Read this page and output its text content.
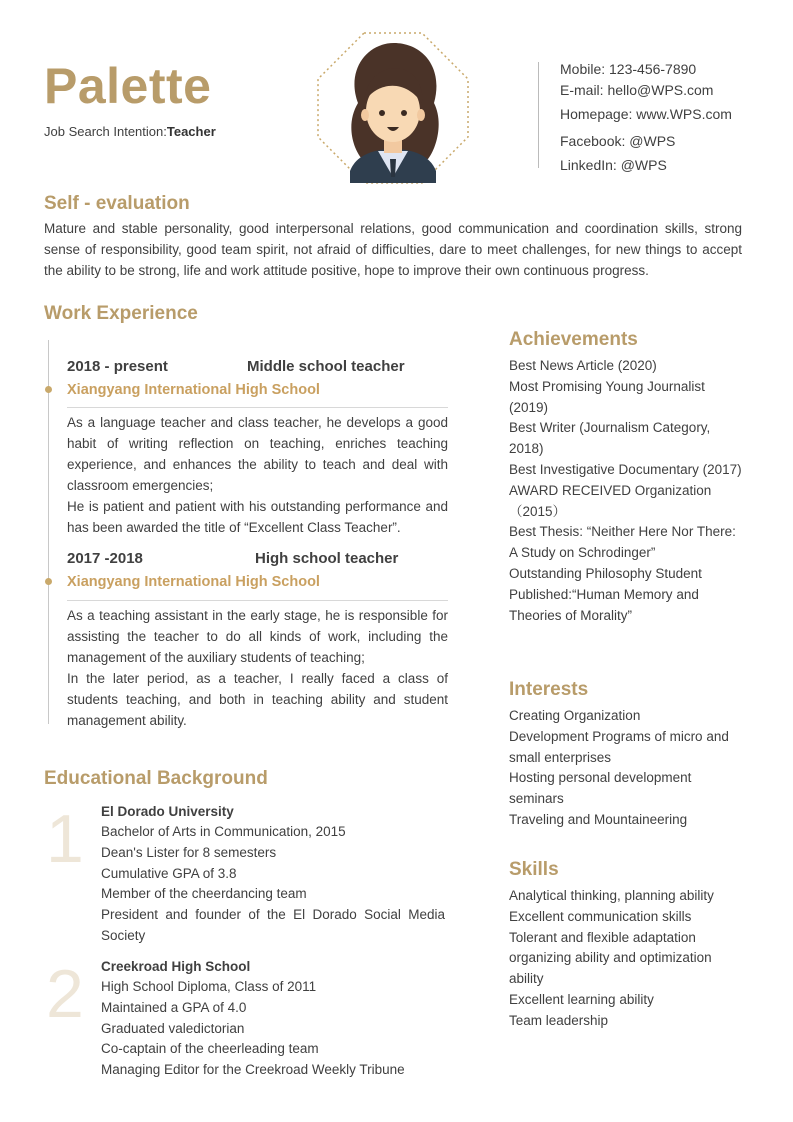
Palette
Job Search Intention:Teacher
Mobile: 123-456-7890
E-mail: hello@WPS.com
Homepage: www.WPS.com
Facebook: @WPS
LinkedIn: @WPS
Self - evaluation
Mature and stable personality, good interpersonal relations, good communication and coordination skills, strong sense of responsibility, good team spirit, not afraid of difficulties, dare to meet challenges, for new things to accept the ability to be strong, life and work attitude positive, hope to improve their own continuous progress.
Work Experience
2018 - present	Middle school teacher
Xiangyang International High School
As a language teacher and class teacher, he develops a good habit of writing reflection on teaching, enriches teaching experience, and enhances the ability to teach and deal with classroom emergencies;
He is patient and patient with his outstanding performance and has been awarded the title of “Excellent Class Teacher”.
2017 -2018	High school teacher
Xiangyang International High School
As a teaching assistant in the early stage, he is responsible for assisting the teacher to do all kinds of work, including the management of the auxiliary students of teaching;
In the later period, as a teacher, I really faced a class of students teaching, and both in teaching ability and student management ability.
Educational Background
1 El Dorado University
Bachelor of Arts in Communication, 2015
Dean's Lister for 8 semesters
Cumulative GPA of 3.8
Member of the cheerdancing team
President and founder of the El Dorado Social Media Society
2 Creekroad High School
High School Diploma, Class of 2011
Maintained a GPA of 4.0
Graduated valedictorian
Co-captain of the cheerleading team
Managing Editor for the Creekroad Weekly Tribune
Achievements
Best News Article (2020)
Most Promising Young Journalist (2019)
Best Writer (Journalism Category, 2018)
Best Investigative Documentary (2017)
AWARD RECEIVED Organization （2015）
Best Thesis: “Neither Here Nor There: A Study on Schrodinger”
Outstanding Philosophy Student Published:“Human Memory and Theories of Morality”
Interests
Creating Organization
Development Programs of micro and small enterprises
Hosting personal development seminars
Traveling and Mountaineering
Skills
Analytical thinking, planning ability
Excellent communication skills
Tolerant and flexible adaptation organizing ability and optimization ability
Excellent learning ability
Team leadership
